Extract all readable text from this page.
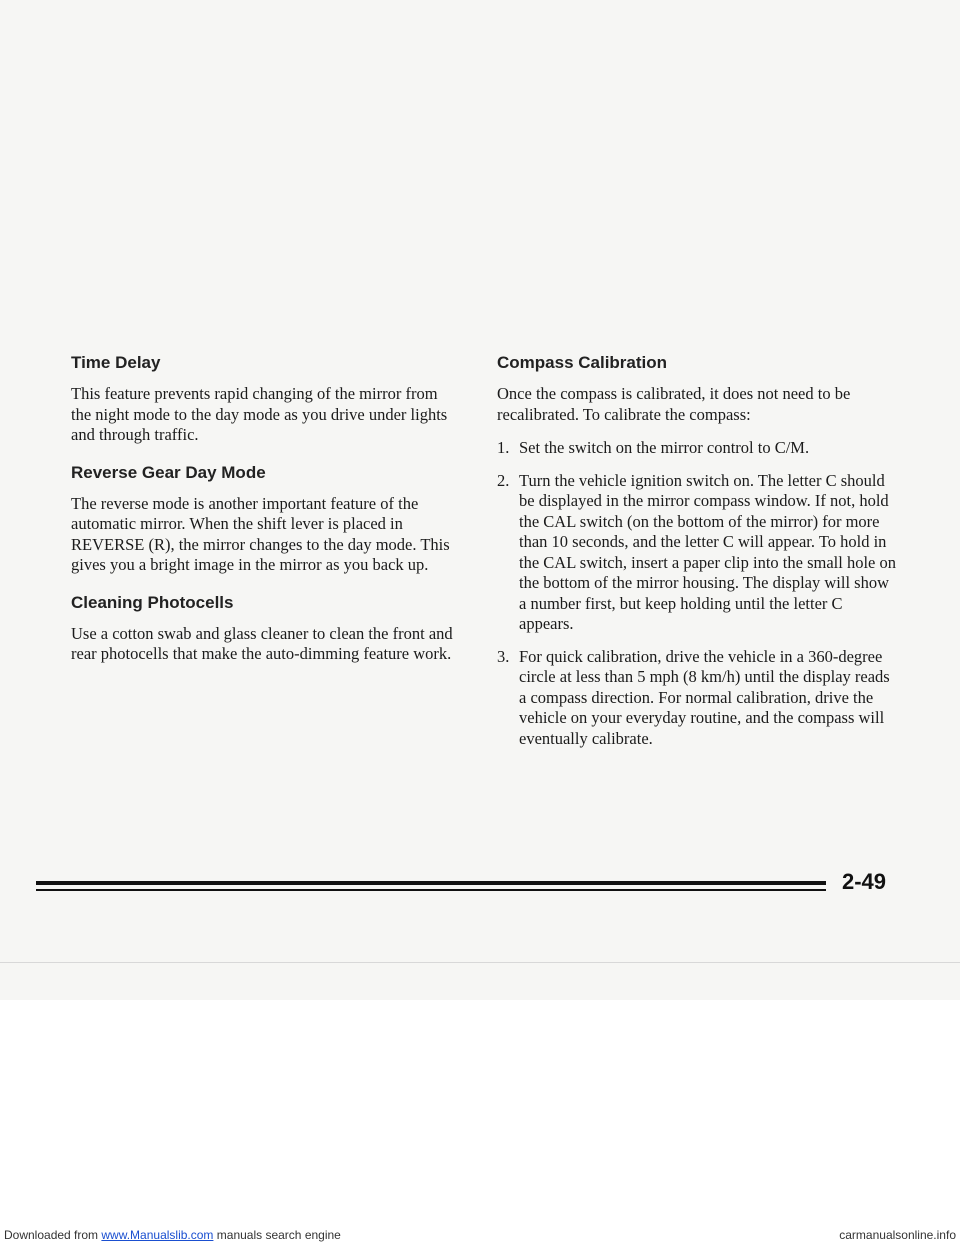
Time Delay

This feature prevents rapid changing of the mirror from the night mode to the day mode as you drive under lights and through traffic.

Reverse Gear Day Mode

The reverse mode is another important feature of the automatic mirror. When the shift lever is placed in REVERSE (R), the mirror changes to the day mode. This gives you a bright image in the mirror as you back up.

Cleaning Photocells

Use a cotton swab and glass cleaner to clean the front and rear photocells that make the auto-dimming feature work.

Compass Calibration

Once the compass is calibrated, it does not need to be recalibrated. To calibrate the compass:

1. Set the switch on the mirror control to C/M.
2. Turn the vehicle ignition switch on. The letter C should be displayed in the mirror compass window. If not, hold the CAL switch (on the bottom of the mirror) for more than 10 seconds, and the letter C will appear. To hold in the CAL switch, insert a paper clip into the small hole on the bottom of the mirror housing. The display will show a number first, but keep holding until the letter C appears.
3. For quick calibration, drive the vehicle in a 360-degree circle at less than 5 mph (8 km/h) until the display reads a compass direction. For normal calibration, drive the vehicle on your everyday routine, and the compass will eventually calibrate.
2-49
Downloaded from www.Manualslib.com manuals search engine	carmanualsonline.info
